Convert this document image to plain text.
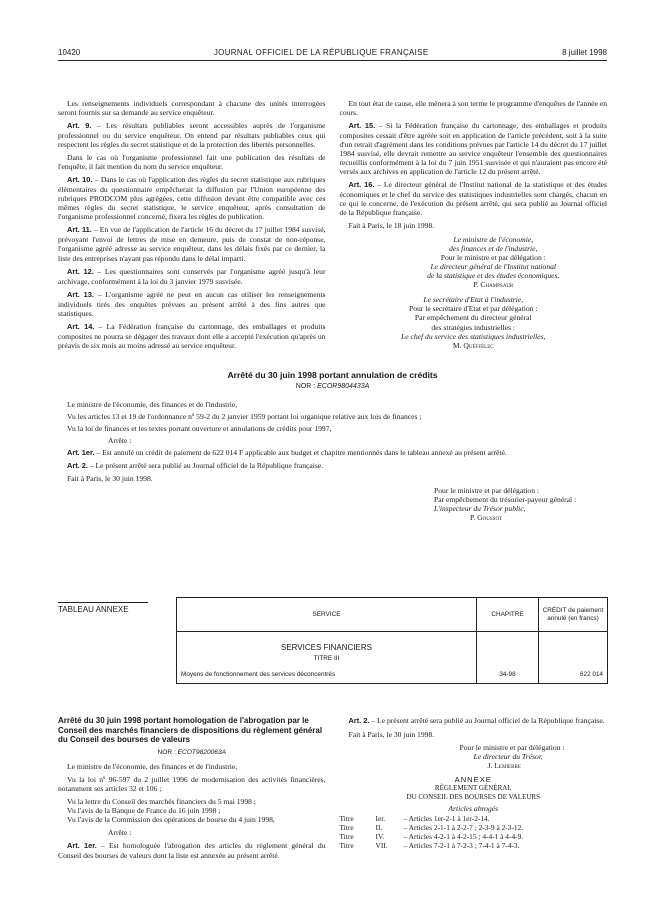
10420	JOURNAL OFFICIEL DE LA RÉPUBLIQUE FRANÇAISE	8 juillet 1998

Les renseignements individuels correspondant à chacune des unités interrogées seront fournis sur sa demande au service enquêteur.

Art. 9. – Les résultats publiables seront accessibles auprès de l'organisme professionnel ou du service enquêteur. On entend par résultats publiables ceux qui respectent les règles du secret statistique et de la protection des libertés personnelles.

Dans le cas où l'organisme professionnel fait une publication des résultats de l'enquête, il fait mention du nom du service enquêteur.

Art. 10. – Dans le cas où l'application des règles du secret statistique aux rubriques élémentaires du questionnaire empêcherait la diffusion par l'Union européenne des rubriques PRODCOM plus agrégées, cette diffusion devant être compatible avec ces mêmes règles du secret statistique, le service enquêteur, après consultation de l'organisme professionnel concerné, fixera les règles de publication.

Art. 11. – En vue de l'application de l'article 16 du décret du 17 juillet 1984 susvisé, prévoyant l'envoi de lettres de mise en demeure, puis de constat de non-réponse, l'organisme agréé adresse au service enquêteur, dans les délais fixés par ce dernier, la liste des entreprises n'ayant pas répondu dans le délai imparti.

Art. 12. – Les questionnaires sont conservés par l'organisme agréé jusqu'à leur archivage, conformément à la loi du 3 janvier 1979 susvisée.

Art. 13. – L'organisme agréé ne peut en aucun cas utiliser les renseignements individuels tirés des enquêtes prévues au présent arrêté à des fins autres que statistiques.

Art. 14. – La Fédération française du cartonnage, des emballages et produits composites ne pourra se dégager des travaux dont elle a accepté l'exécution qu'après un préavis de six mois au moins adressé au service enquêteur.

En tout état de cause, elle mènera à son terme le programme d'enquêtes de l'année en cours.

Art. 15. – Si la Fédération française du cartonnage, des emballages et produits composites cessait d'être agréée soit en application de l'article précédent, soit à la suite d'un retrait d'agrément dans les conditions prévues par l'article 14 du décret du 17 juillet 1984 susvisé, elle devrait remettre au service enquêteur l'ensemble des questionnaires recueillis conformément à la loi du 7 juin 1951 susvisée et qui n'auraient pas encore été versés aux archives en application de l'article 12 du présent arrêté.

Art. 16. – Le directeur général de l'Institut national de la statistique et des études économiques et le chef du service des statistiques industrielles sont chargés, chacun en ce qui le concerne, de l'exécution du présent arrêté, qui sera publié au Journal officiel de la République française.

Fait à Paris, le 18 juin 1998.

Le ministre de l'économie,
des finances et de l'industrie,
Pour le ministre et par délégation :
Le directeur général de l'Institut national
de la statistique et des études économiques,
P. Champsaur
Le secrétaire d'Etat à l'industrie,
Pour le secrétaire d'Etat et par délégation :
Par empêchement du directeur général
des stratégies industrielles :
Le chef du service des statistiques industrielles,
M. Quéffélec
Arrêté du 30 juin 1998 portant annulation de crédits
NOR : ECOR9804433A

Le ministre de l'économie, des finances et de l'industrie,

Vu les articles 13 et 19 de l'ordonnance nº 59-2 du 2 janvier 1959 portant loi organique relative aux lois de finances ;

Vu la loi de finances et les textes portant ouverture et annulations de crédits pour 1997,

Arrête :

Art. 1er. – Est annulé un crédit de paiement de 622 014 F applicable aux budget et chapitre mentionnés dans le tableau annexé au présent arrêté.

Art. 2. – Le présent arrêté sera publié au Journal officiel de la République française.

Fait à Paris, le 30 juin 1998.

Pour le ministre et par délégation :
Par empêchement du trésorier-payeur général :
L'inspecteur du Trésor public,
P. Goussot
TABLEAU ANNEXE
SERVICE	CHAPITRE	CRÉDIT de paiement annulé (en francs)

SERVICES FINANCIERS
TITRE III
Moyens de fonctionnement des services déconcentrés	34-98	622 014
Arrêté du 30 juin 1998 portant homologation de l'abrogation par le Conseil des marchés financiers de dispositions du règlement général du Conseil des bourses de valeurs
NOR : ECOT9820063A

Le ministre de l'économie, des finances et de l'industrie,

Vu la loi nº 96-597 du 2 juillet 1996 de modernisation des activités financières, notamment ses articles 32 et 106 ;

Vu la lettre du Conseil des marchés financiers du 5 mai 1998 ;

Vu l'avis de la Banque de France du 16 juin 1998 ;

Vu l'avis de la Commission des opérations de bourse du 4 juin 1998,

Arrête :

Art. 1er. – Est homologuée l'abrogation des articles du règlement général du Conseil des bourses de valeurs dont la liste est annexée au présent arrêté.

Art. 2. – Le présent arrêté sera publié au Journal officiel de la République française.

Fait à Paris, le 30 juin 1998.

Pour le ministre et par délégation :
Le directeur du Trésor,
J. Lemierre
ANNEXE
RÈGLEMENT GÉNÉRAL
DU CONSEIL DES BOURSES DE VALEURS
Articles abrogés
Titre	Ier.	– Articles 1er-2-1 à 1er-2-14.
Titre	II.	– Articles 2-1-1 à 2-2-7 ; 2-3-9 à 2-3-12.
Titre	IV.	– Articles 4-2-1 à 4-2-15 ; 4-4-1 à 4-4-9.
Titre	VII.	– Articles 7-2-1 à 7-2-3 ; 7-4-1 à 7-4-3.
